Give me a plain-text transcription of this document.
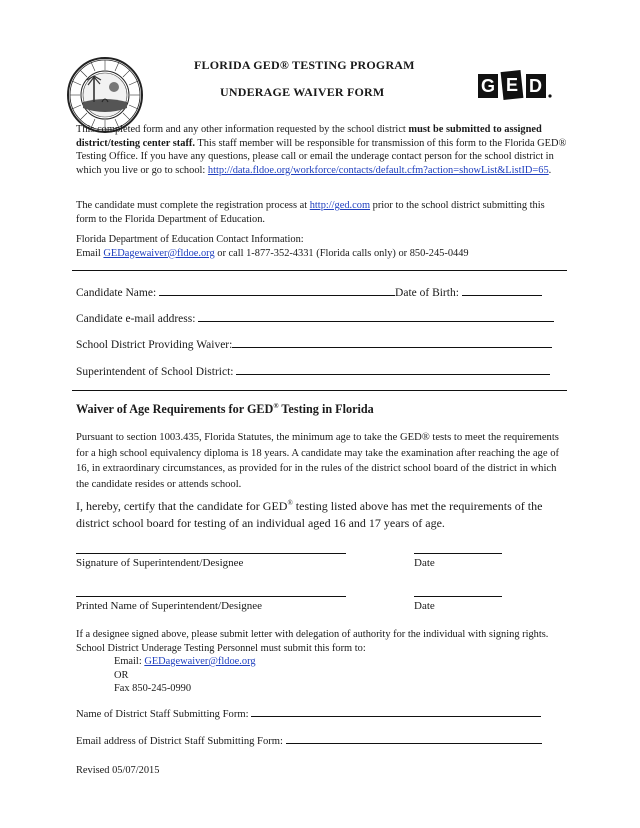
FLORIDA GED® TESTING PROGRAM
UNDERAGE WAIVER FORM	G E D
This completed form and any other information requested by the school district must be submitted to assigned district/testing center staff. This staff member will be responsible for transmission of this form to the Florida GED® Testing Office. If you have any questions, please call or email the underage contact person for the school district in which you live or go to school: http://data.fldoe.org/workforce/contacts/default.cfm?action=showList&ListID=65.
The candidate must complete the registration process at http://ged.com prior to the school district submitting this form to the Florida Department of Education.
Florida Department of Education Contact Information:
Email GEDagewaiver@fldoe.org or call 1-877-352-4331 (Florida calls only) or 850-245-0449
Candidate Name:	Date of Birth:
Candidate e-mail address:
School District Providing Waiver:
Superintendent of School District:
Waiver of Age Requirements for GED® Testing in Florida
Pursuant to section 1003.435, Florida Statutes, the minimum age to take the GED® tests to meet the requirements for a high school equivalency diploma is 18 years. A candidate may take the examination after reaching the age of 16, in extraordinary circumstances, as provided for in the rules of the district school board of the district in which the candidate resides or attends school.
I, hereby, certify that the candidate for GED® testing listed above has met the requirements of the district school board for testing of an individual aged 16 and 17 years of age.
Signature of Superintendent/Designee	Date
Printed Name of Superintendent/Designee	Date
If a designee signed above, please submit letter with delegation of authority for the individual with signing rights. School District Underage Testing Personnel must submit this form to:
Email: GEDagewaiver@fldoe.org
OR
Fax 850-245-0990
Name of District Staff Submitting Form:
Email address of District Staff Submitting Form:
Revised 05/07/2015
